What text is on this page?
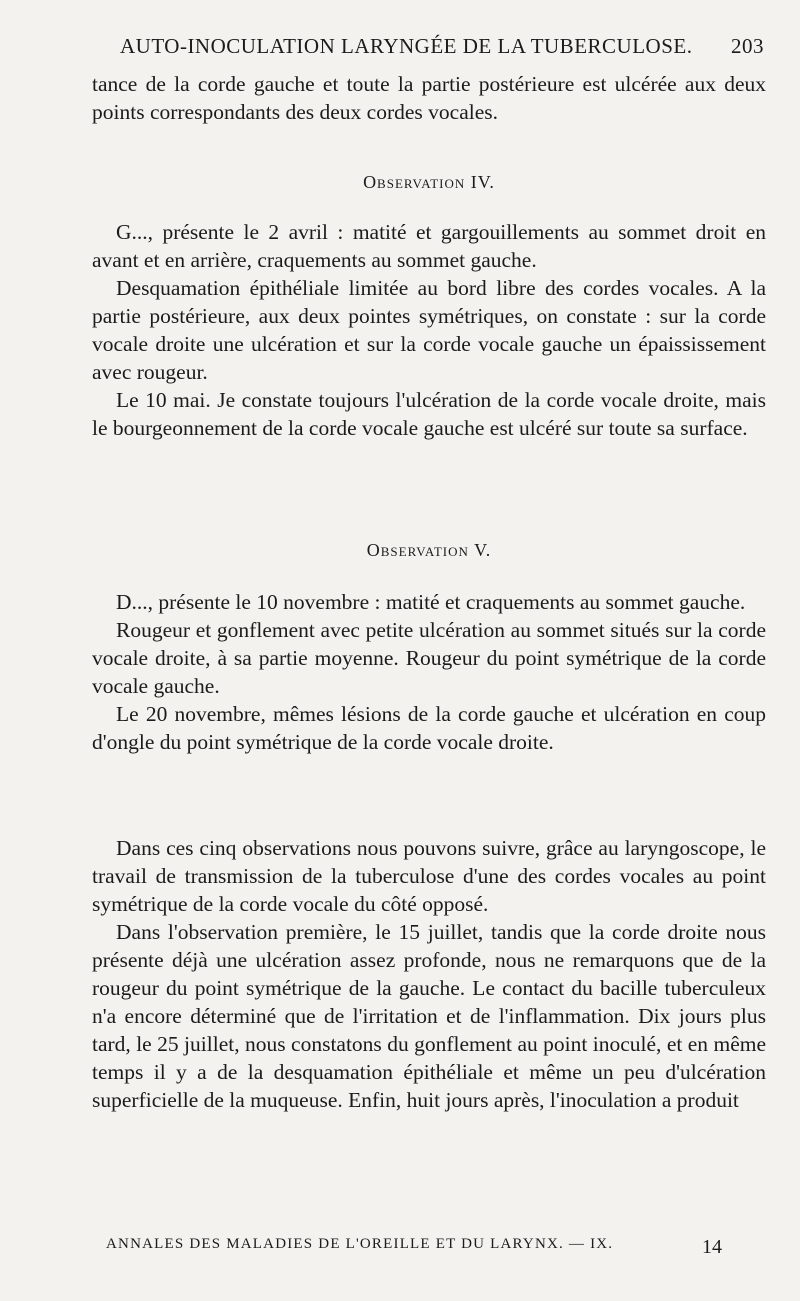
AUTO-INOCULATION LARYNGÉE DE LA TUBERCULOSE. 203

tance de la corde gauche et toute la partie postérieure est ulcérée aux deux points correspondants des deux cordes vocales.

Observation IV.

G..., présente le 2 avril : matité et gargouillements au sommet droit en avant et en arrière, craquements au sommet gauche.

Desquamation épithéliale limitée au bord libre des cordes vocales. A la partie postérieure, aux deux pointes symétriques, on constate : sur la corde vocale droite une ulcération et sur la corde vocale gauche un épaississement avec rougeur.

Le 10 mai. Je constate toujours l'ulcération de la corde vocale droite, mais le bourgeonnement de la corde vocale gauche est ulcéré sur toute sa surface.

Observation V.

D..., présente le 10 novembre : matité et craquements au sommet gauche.

Rougeur et gonflement avec petite ulcération au sommet situés sur la corde vocale droite, à sa partie moyenne. Rougeur du point symétrique de la corde vocale gauche.

Le 20 novembre, mêmes lésions de la corde gauche et ulcération en coup d'ongle du point symétrique de la corde vocale droite.

Dans ces cinq observations nous pouvons suivre, grâce au laryngoscope, le travail de transmission de la tuberculose d'une des cordes vocales au point symétrique de la corde vocale du côté opposé.

Dans l'observation première, le 15 juillet, tandis que la corde droite nous présente déjà une ulcération assez profonde, nous ne remarquons que de la rougeur du point symétrique de la gauche. Le contact du bacille tuberculeux n'a encore déterminé que de l'irritation et de l'inflammation. Dix jours plus tard, le 25 juillet, nous constatons du gonflement au point inoculé, et en même temps il y a de la desquamation épithéliale et même un peu d'ulcération superficielle de la muqueuse. Enfin, huit jours après, l'inoculation a produit

ANNALES DES MALADIES DE L'OREILLE ET DU LARYNX. — IX.	14
